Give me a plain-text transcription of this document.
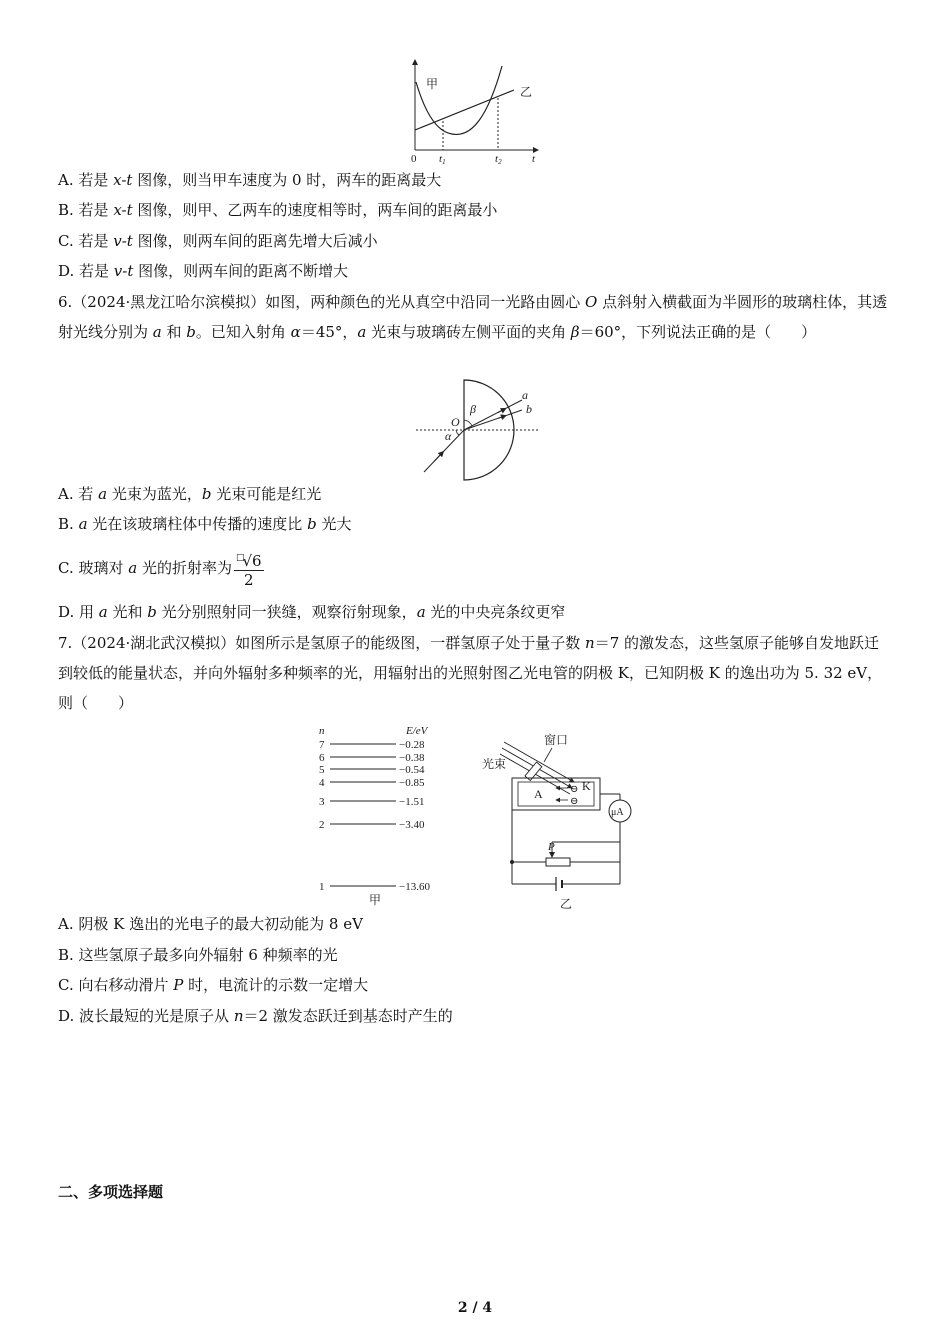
甲
乙
0 t1	t2	t
A. 若是 x-t 图像，则当甲车速度为 0 时，两车的距离最大
B. 若是 x-t 图像，则甲、乙两车的速度相等时，两车间的距离最小
C. 若是 v-t 图像，则两车间的距离先增大后减小
D. 若是 v-t 图像，则两车间的距离不断增大
6.（2024·黑龙江哈尔滨模拟）如图，两种颜色的光从真空中沿同一光路由圆心 O 点斜射入横截面为半圆形的玻璃柱体，其透射光线分别为 a 和 b。已知入射角 α＝45°，a 光束与玻璃砖左侧平面的夹角 β＝60°，下列说法正确的是（　　）
a
b
β
O
α
A. 若 a 光束为蓝光，b 光束可能是红光
B. a 光在该玻璃柱体中传播的速度比 b 光大
C. 玻璃对 a 光的折射率为 $\frac{^□√6}{2}$
D. 用 a 光和 b 光分别照射同一狭缝，观察衍射现象，a 光的中央亮条纹更窄
7.（2024·湖北武汉模拟）如图所示是氢原子的能级图，一群氢原子处于量子数 n＝7 的激发态，这些氢原子能够自发地跃迁到较低的能量状态，并向外辐射多种频率的光，用辐射出的光照射图乙光电管的阴极 K，已知阴极 K 的逸出功为 5. 32 eV，则（　　）
n	E/eV
7	−0.28
6	−0.38
5	−0.54
4	−0.85
3	−1.51
2	−3.40
1	−13.60
甲
窗口
光束
A
K
⊖
⊖
μA
P
乙
A. 阴极 K 逸出的光电子的最大初动能为 8 eV
B. 这些氢原子最多向外辐射 6 种频率的光
C. 向右移动滑片 P 时，电流计的示数一定增大
D. 波长最短的光是原子从 n＝2 激发态跃迁到基态时产生的
二、多项选择题
2 / 4
